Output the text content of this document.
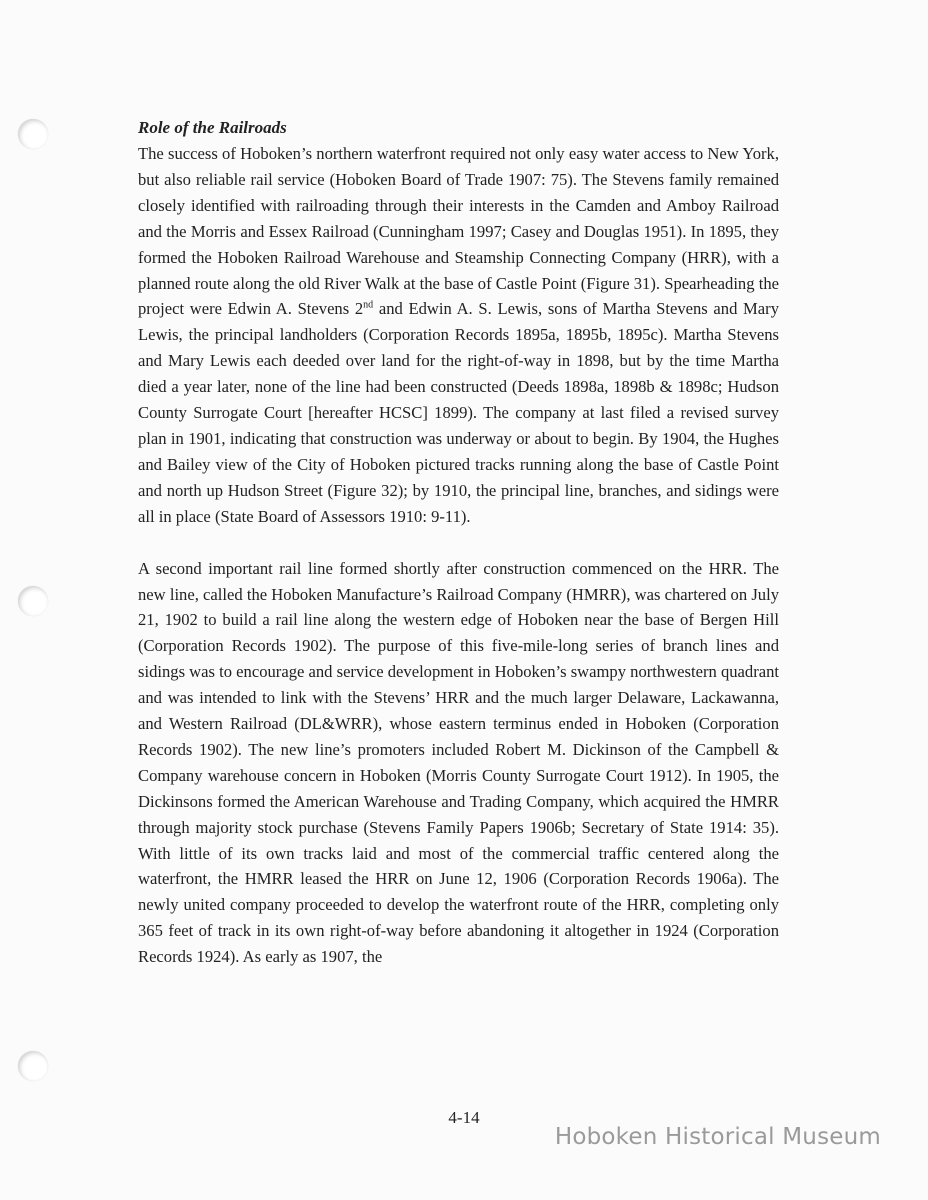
Role of the Railroads

The success of Hoboken’s northern waterfront required not only easy water access to New York, but also reliable rail service (Hoboken Board of Trade 1907: 75). The Stevens family remained closely identified with railroading through their interests in the Camden and Amboy Railroad and the Morris and Essex Railroad (Cunningham 1997; Casey and Douglas 1951). In 1895, they formed the Hoboken Railroad Warehouse and Steamship Connecting Company (HRR), with a planned route along the old River Walk at the base of Castle Point (Figure 31). Spearheading the project were Edwin A. Stevens 2nd and Edwin A. S. Lewis, sons of Martha Stevens and Mary Lewis, the principal landholders (Corporation Records 1895a, 1895b, 1895c). Martha Stevens and Mary Lewis each deeded over land for the right-of-way in 1898, but by the time Martha died a year later, none of the line had been constructed (Deeds 1898a, 1898b & 1898c; Hudson County Surrogate Court [hereafter HCSC] 1899). The company at last filed a revised survey plan in 1901, indicating that construction was underway or about to begin. By 1904, the Hughes and Bailey view of the City of Hoboken pictured tracks running along the base of Castle Point and north up Hudson Street (Figure 32); by 1910, the principal line, branches, and sidings were all in place (State Board of Assessors 1910: 9-11).

A second important rail line formed shortly after construction commenced on the HRR. The new line, called the Hoboken Manufacture’s Railroad Company (HMRR), was chartered on July 21, 1902 to build a rail line along the western edge of Hoboken near the base of Bergen Hill (Corporation Records 1902). The purpose of this five-mile-long series of branch lines and sidings was to encourage and service development in Hoboken’s swampy northwestern quadrant and was intended to link with the Stevens’ HRR and the much larger Delaware, Lackawanna, and Western Railroad (DL&WRR), whose eastern terminus ended in Hoboken (Corporation Records 1902). The new line’s promoters included Robert M. Dickinson of the Campbell & Company warehouse concern in Hoboken (Morris County Surrogate Court 1912). In 1905, the Dickinsons formed the American Warehouse and Trading Company, which acquired the HMRR through majority stock purchase (Stevens Family Papers 1906b; Secretary of State 1914: 35). With little of its own tracks laid and most of the commercial traffic centered along the waterfront, the HMRR leased the HRR on June 12, 1906 (Corporation Records 1906a). The newly united company proceeded to develop the waterfront route of the HRR, completing only 365 feet of track in its own right-of-way before abandoning it altogether in 1924 (Corporation Records 1924). As early as 1907, the

4-14
Hoboken Historical Museum
